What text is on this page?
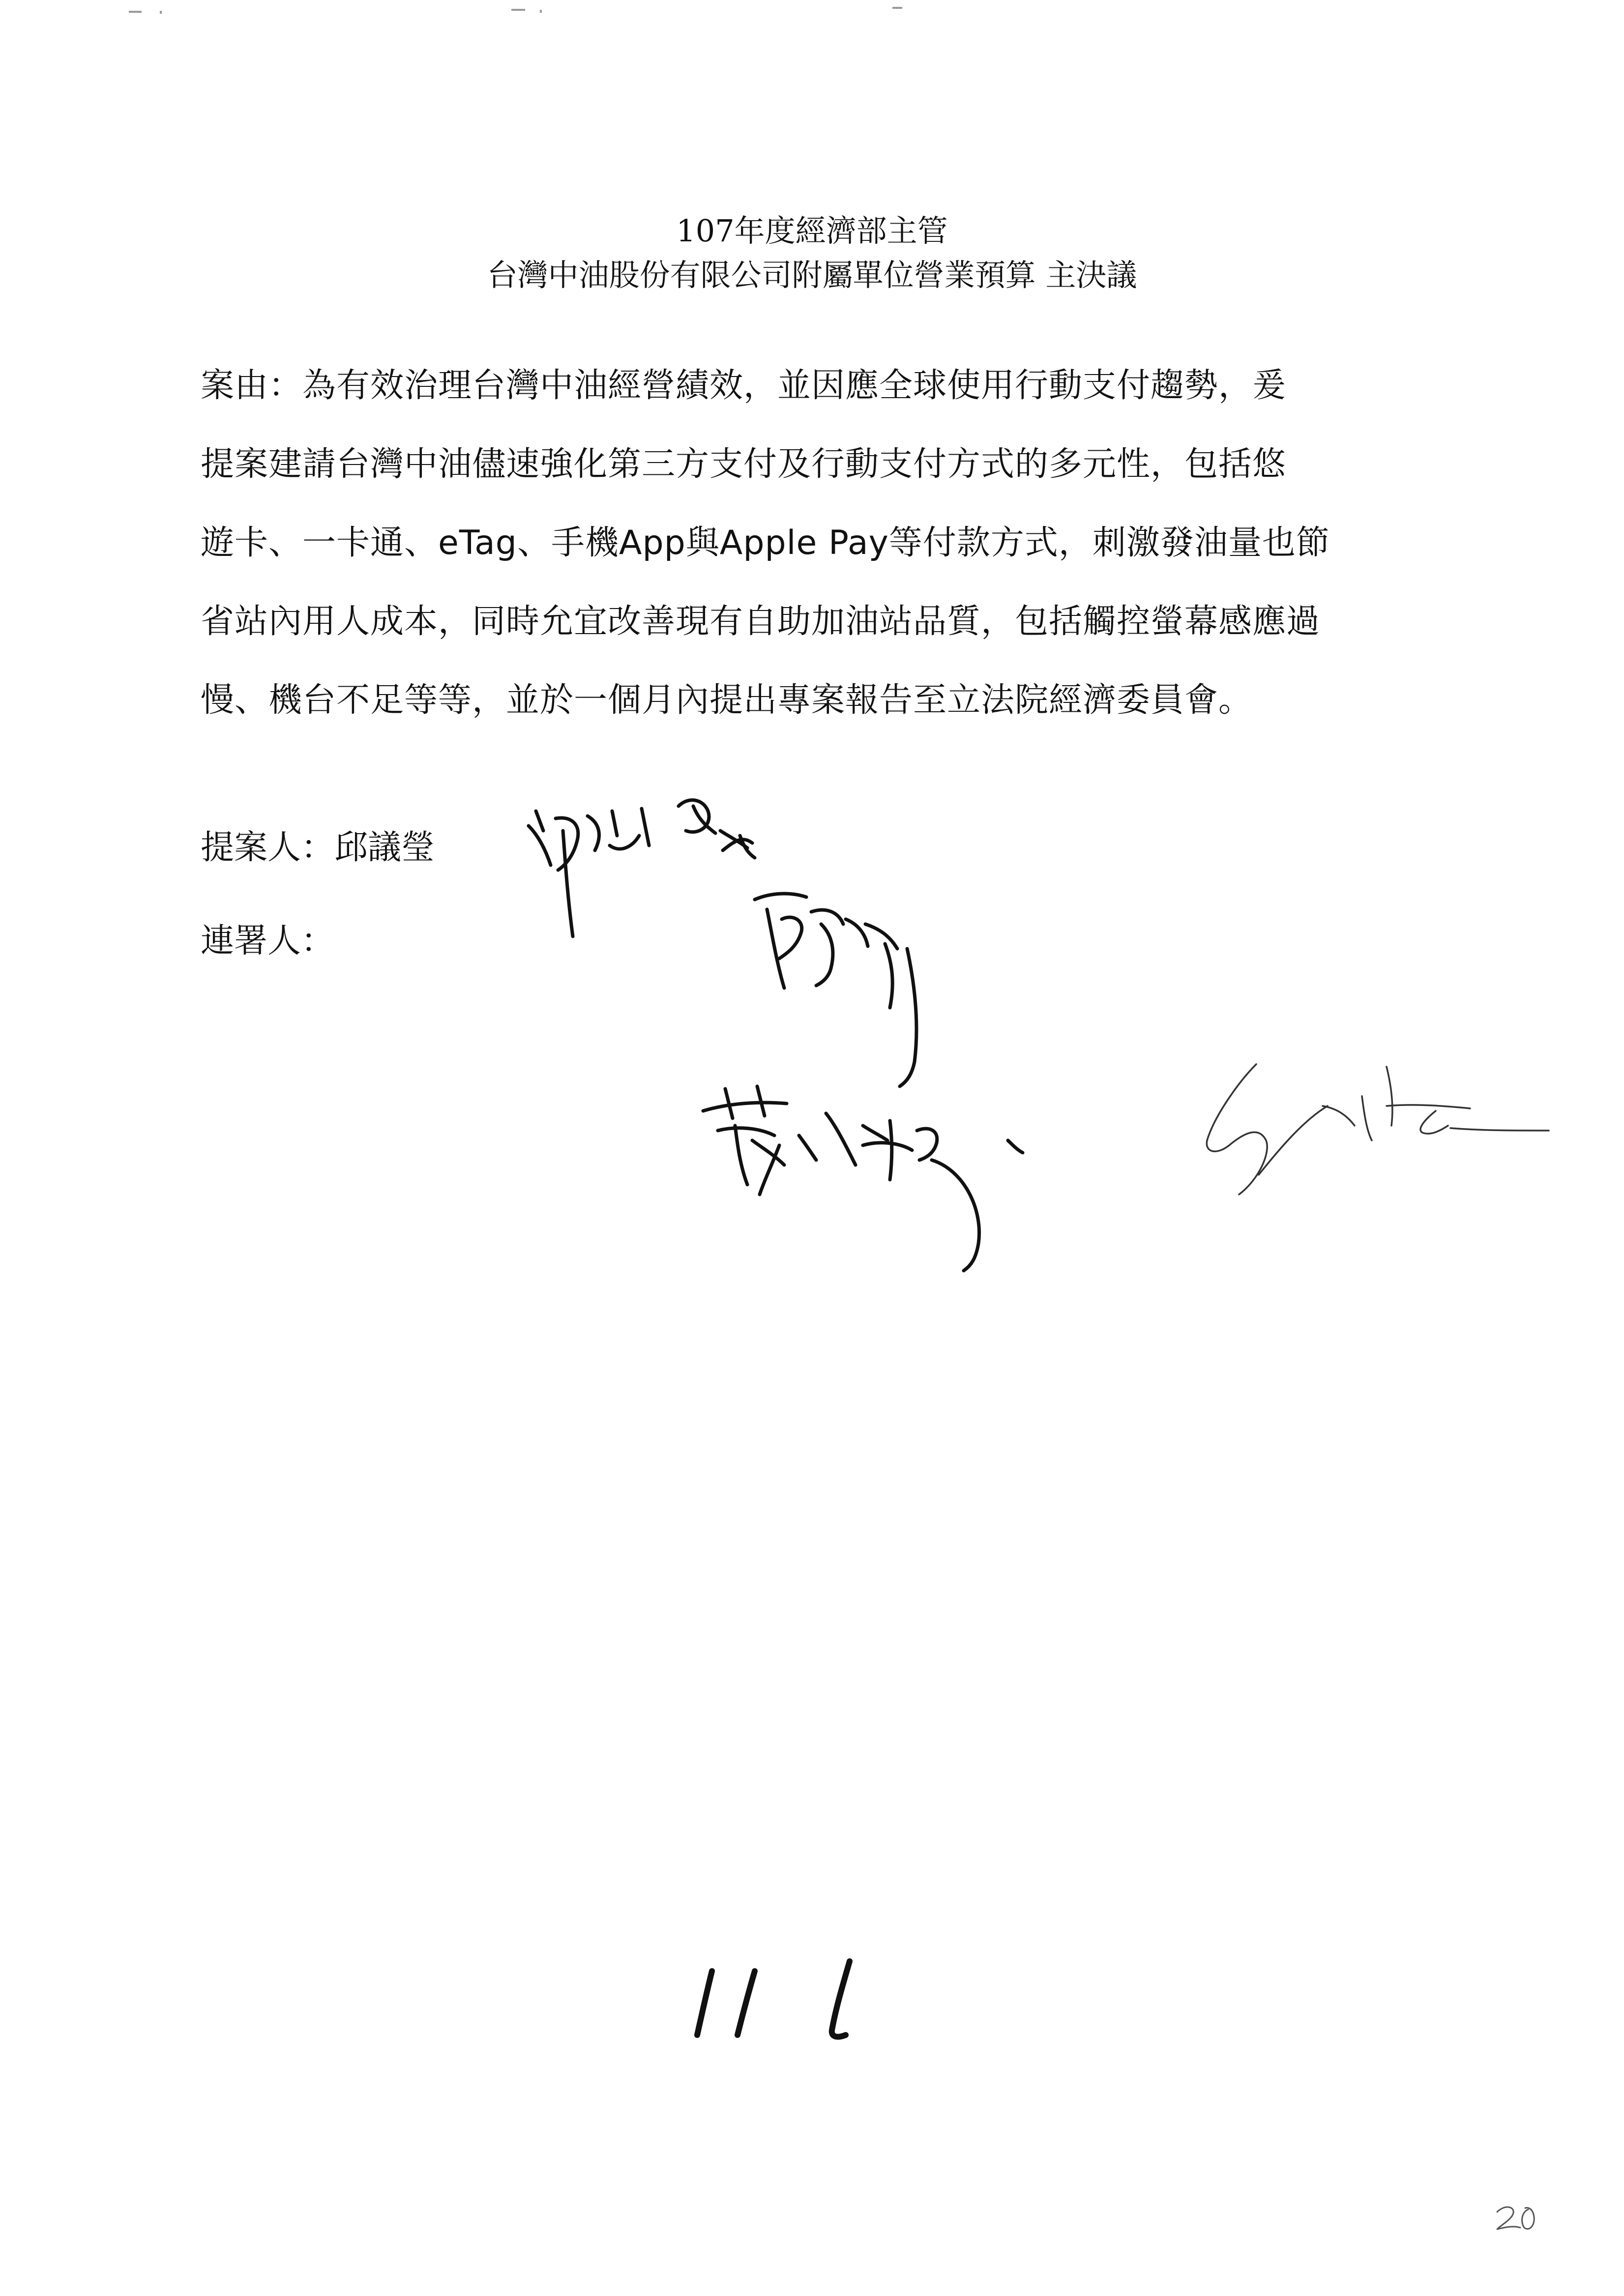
107年度經濟部主管
台灣中油股份有限公司附屬單位營業預算 主決議
案由：為有效治理台灣中油經營績效，並因應全球使用行動支付趨勢，爰
提案建請台灣中油儘速強化第三方支付及行動支付方式的多元性，包括悠
遊卡、一卡通、eTag、手機App與Apple Pay等付款方式，刺激發油量也節
省站內用人成本，同時允宜改善現有自助加油站品質，包括觸控螢幕感應過
慢、機台不足等等，並於一個月內提出專案報告至立法院經濟委員會。
提案人：邱議瑩
連署人：
